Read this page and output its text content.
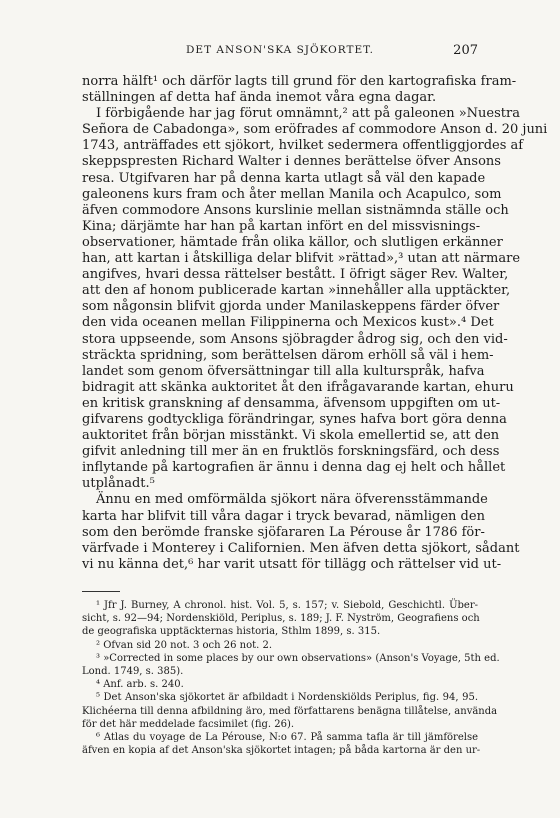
DET ANSON'SKA SJÖKORTET.	207
norra hälft¹ och därför lagts till grund för den kartografiska fram-
ställningen af detta haf ända inemot våra egna dagar.
I förbigående har jag förut omnämnt,² att på galeonen »Nuestra
Señora de Cabadonga», som eröfrades af commodore Anson d. 20 juni
1743, anträffades ett sjökort, hvilket sedermera offentliggjordes af
skeppspresten Richard Walter i dennes berättelse öfver Ansons
resa. Utgifvaren har på denna karta utlagt så väl den kapade
galeonens kurs fram och åter mellan Manila och Acapulco, som
äfven commodore Ansons kurslinie mellan sistnämnda ställe och
Kina; därjämte har han på kartan infört en del missvisnings-
observationer, hämtade från olika källor, och slutligen erkänner
han, att kartan i åtskilliga delar blifvit »rättad»,³ utan att närmare
angifves, hvari dessa rättelser bestått. I öfrigt säger Rev. Walter,
att den af honom publicerade kartan »innehåller alla upptäckter,
som någonsin blifvit gjorda under Manilaskeppens färder öfver
den vida oceanen mellan Filippinerna och Mexicos kust».⁴ Det
stora uppseende, som Ansons sjöbragder ådrog sig, och den vid-
sträckta spridning, som berättelsen därom erhöll så väl i hem-
landet som genom öfversättningar till alla kulturspråk, hafva
bidragit att skänka auktoritet åt den ifrågavarande kartan, ehuru
en kritisk granskning af densamma, äfvensom uppgiften om ut-
gifvarens godtyckliga förändringar, synes hafva bort göra denna
auktoritet från början misstänkt. Vi skola emellertid se, att den
gifvit anledning till mer än en fruktlös forskningsfärd, och dess
inflytande på kartografien är ännu i denna dag ej helt och hållet
utplånadt.⁵
Ännu en med omförmälda sjökort nära öfverensstämmande
karta har blifvit till våra dagar i tryck bevarad, nämligen den
som den berömde franske sjöfararen La Pérouse år 1786 för-
värfvade i Monterey i Californien. Men äfven detta sjökort, sådant
vi nu känna det,⁶ har varit utsatt för tillägg och rättelser vid ut-
¹ Jfr J. Burney, A chronol. hist. Vol. 5, s. 157; v. Siebold, Geschichtl. Über-
sicht, s. 92—94; Nordenskiöld, Periplus, s. 189; J. F. Nyström, Geografiens och
de geografiska upptäckternas historia, Sthlm 1899, s. 315.
² Ofvan sid 20 not. 3 och 26 not. 2.
³ »Corrected in some places by our own observations» (Anson's Voyage, 5th ed.
Lond. 1749, s. 385).
⁴ Anf. arb. s. 240.
⁵ Det Anson'ska sjökortet är afbildadt i Nordenskiölds Periplus, fig. 94, 95.
Klichéerna till denna afbildning äro, med författarens benägna tillåtelse, använda
för det här meddelade facsimilet (fig. 26).
⁶ Atlas du voyage de La Pérouse, N:o 67. På samma tafla är till jämförelse
äfven en kopia af det Anson'ska sjökortet intagen; på båda kartorna är den ur-
